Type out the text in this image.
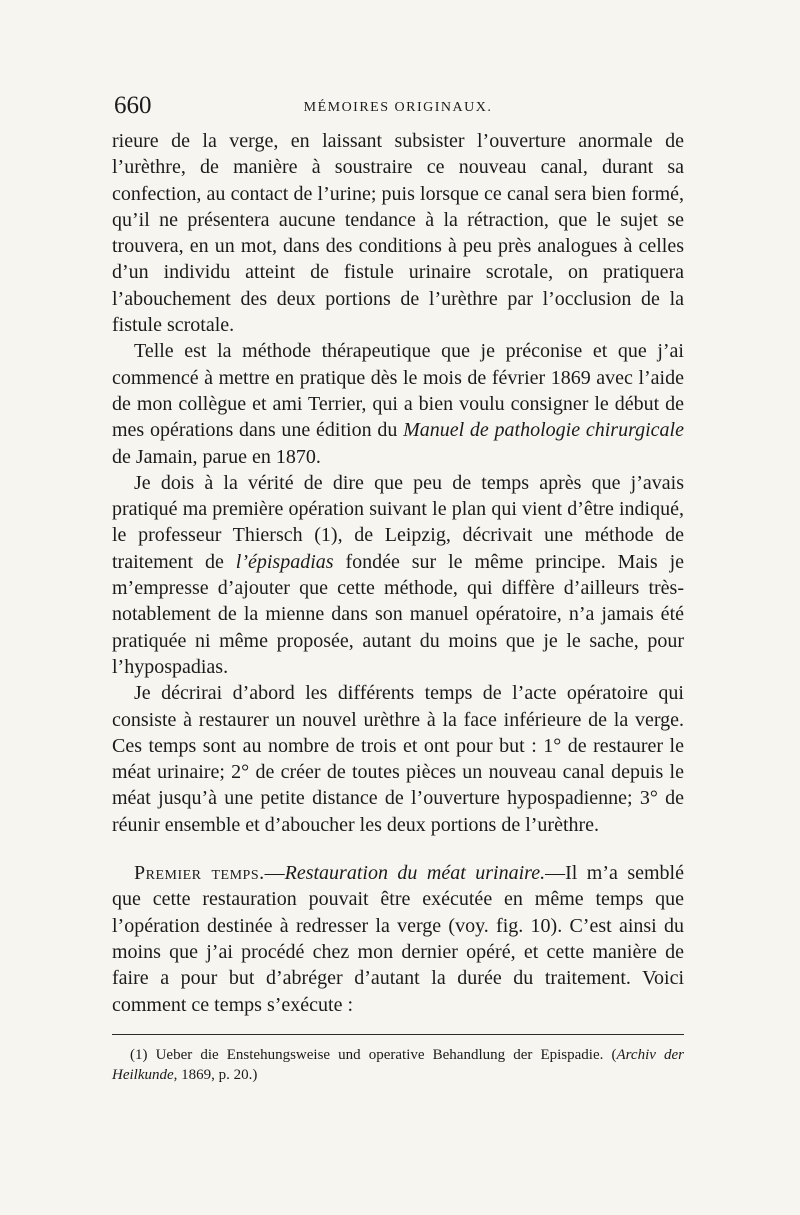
660	MÉMOIRES ORIGINAUX.

rieure de la verge, en laissant subsister l’ouverture anormale de l’urèthre, de manière à soustraire ce nouveau canal, durant sa confection, au contact de l’urine; puis lorsque ce canal sera bien formé, qu’il ne présentera aucune tendance à la rétraction, que le sujet se trouvera, en un mot, dans des conditions à peu près analogues à celles d’un individu atteint de fistule urinaire scrotale, on pratiquera l’abouchement des deux portions de l’urèthre par l’occlusion de la fistule scrotale.

Telle est la méthode thérapeutique que je préconise et que j’ai commencé à mettre en pratique dès le mois de février 1869 avec l’aide de mon collègue et ami Terrier, qui a bien voulu consigner le début de mes opérations dans une édition du Manuel de pathologie chirurgicale de Jamain, parue en 1870.

Je dois à la vérité de dire que peu de temps après que j’avais pratiqué ma première opération suivant le plan qui vient d’être indiqué, le professeur Thiersch (1), de Leipzig, décrivait une méthode de traitement de l’épispadias fondée sur le même principe. Mais je m’empresse d’ajouter que cette méthode, qui diffère d’ailleurs très-notablement de la mienne dans son manuel opératoire, n’a jamais été pratiquée ni même proposée, autant du moins que je le sache, pour l’hypospadias.

Je décrirai d’abord les différents temps de l’acte opératoire qui consiste à restaurer un nouvel urèthre à la face inférieure de la verge. Ces temps sont au nombre de trois et ont pour but : 1° de restaurer le méat urinaire; 2° de créer de toutes pièces un nouveau canal depuis le méat jusqu’à une petite distance de l’ouverture hypospadienne; 3° de réunir ensemble et d’aboucher les deux portions de l’urèthre.

Premier temps.—Restauration du méat urinaire.—Il m’a semblé que cette restauration pouvait être exécutée en même temps que l’opération destinée à redresser la verge (voy. fig. 10). C’est ainsi du moins que j’ai procédé chez mon dernier opéré, et cette manière de faire a pour but d’abréger d’autant la durée du traitement. Voici comment ce temps s’exécute :

(1) Ueber die Enstehungsweise und operative Behandlung der Epispadie. (Archiv der Heilkunde, 1869, p. 20.)
